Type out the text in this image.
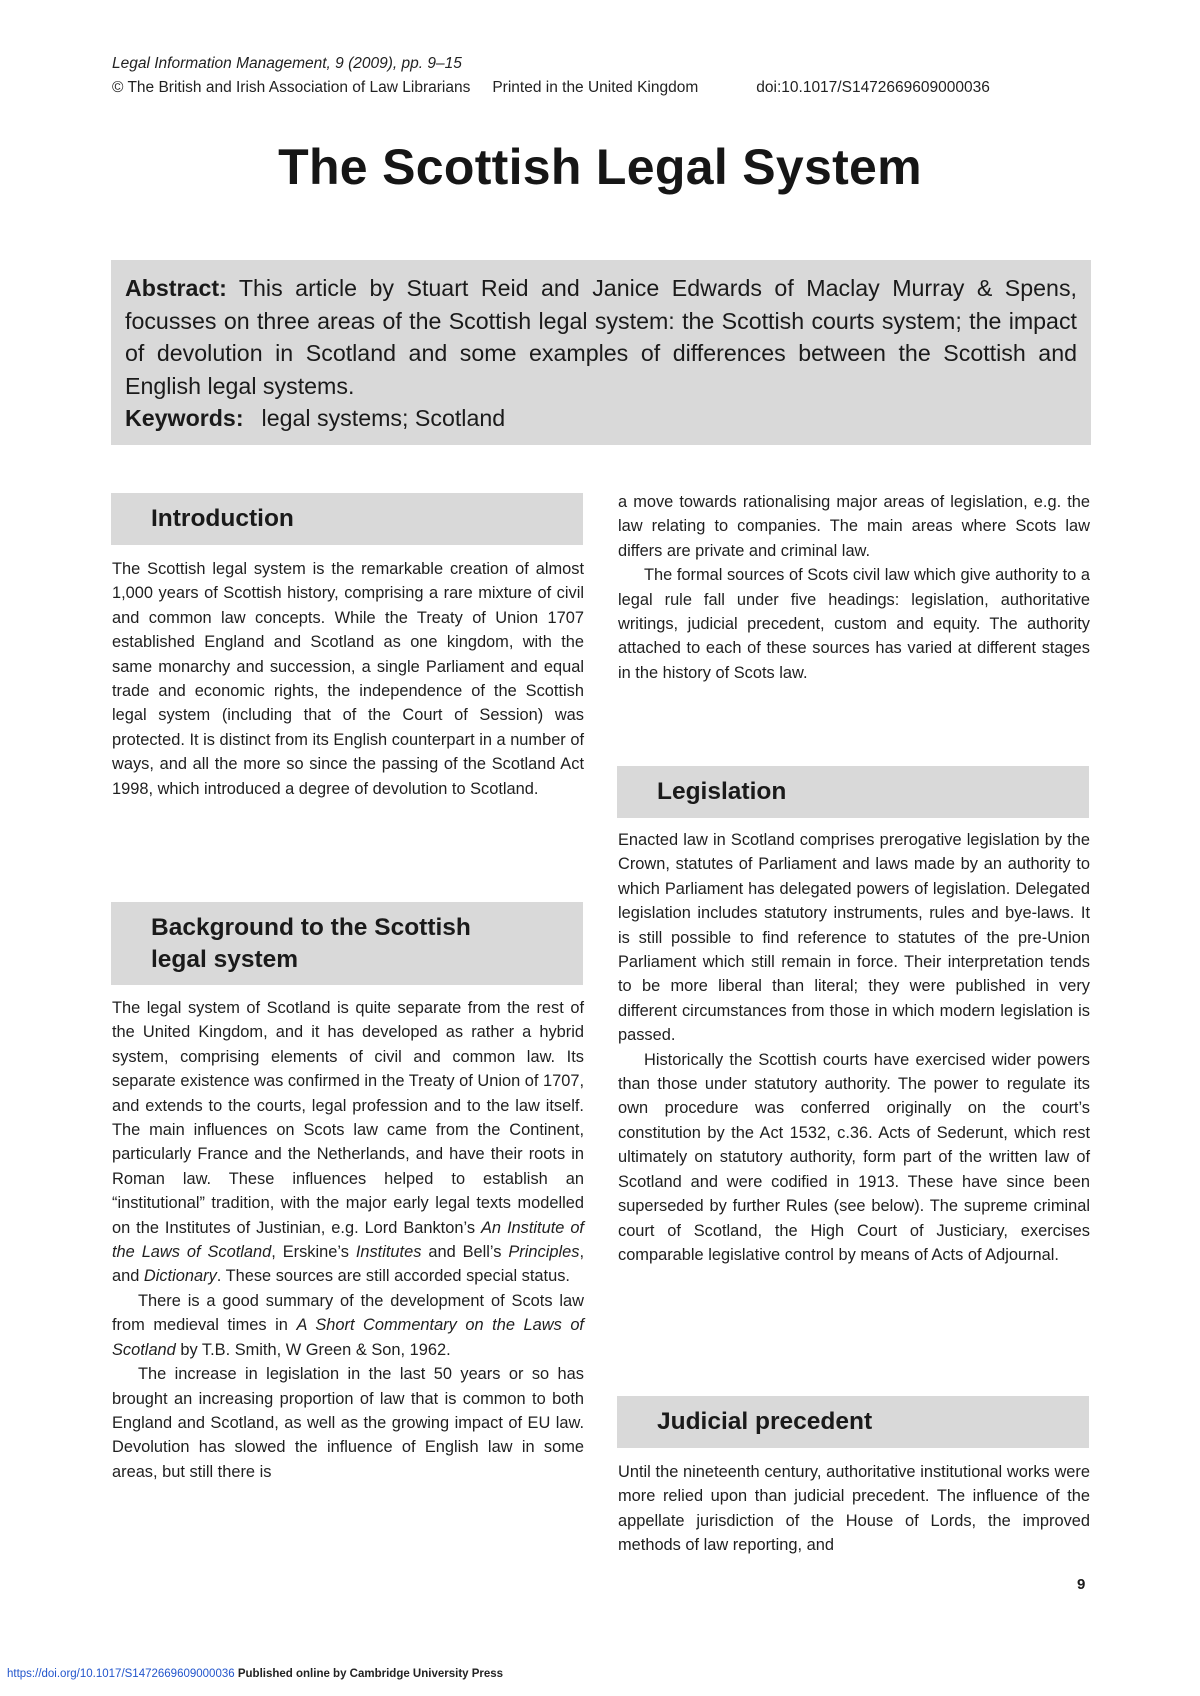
Legal Information Management, 9 (2009), pp. 9–15
© The British and Irish Association of Law Librarians Printed in the United Kingdom	doi:10.1017/S1472669609000036
The Scottish Legal System
Abstract: This article by Stuart Reid and Janice Edwards of Maclay Murray & Spens, focusses on three areas of the Scottish legal system: the Scottish courts system; the impact of devolution in Scotland and some examples of differences between the Scottish and English legal systems.
Keywords: legal systems; Scotland
Introduction

The Scottish legal system is the remarkable creation of almost 1,000 years of Scottish history, comprising a rare mixture of civil and common law concepts. While the Treaty of Union 1707 established England and Scotland as one kingdom, with the same monarchy and succession, a single Parliament and equal trade and economic rights, the independence of the Scottish legal system (including that of the Court of Session) was protected. It is distinct from its English counterpart in a number of ways, and all the more so since the passing of the Scotland Act 1998, which introduced a degree of devolution to Scotland.

Background to the Scottish
legal system

The legal system of Scotland is quite separate from the rest of the United Kingdom, and it has developed as rather a hybrid system, comprising elements of civil and common law. Its separate existence was confirmed in the Treaty of Union of 1707, and extends to the courts, legal profession and to the law itself. The main influences on Scots law came from the Continent, particularly France and the Netherlands, and have their roots in Roman law. These influences helped to establish an “institutional” tradition, with the major early legal texts modelled on the Institutes of Justinian, e.g. Lord Bankton’s An Institute of the Laws of Scotland, Erskine’s Institutes and Bell’s Principles, and Dictionary. These sources are still accorded special status.

There is a good summary of the development of Scots law from medieval times in A Short Commentary on the Laws of Scotland by T.B. Smith, W Green & Son, 1962.

The increase in legislation in the last 50 years or so has brought an increasing proportion of law that is common to both England and Scotland, as well as the growing impact of EU law. Devolution has slowed the influence of English law in some areas, but still there is

a move towards rationalising major areas of legislation, e.g. the law relating to companies. The main areas where Scots law differs are private and criminal law.

The formal sources of Scots civil law which give authority to a legal rule fall under five headings: legislation, authoritative writings, judicial precedent, custom and equity. The authority attached to each of these sources has varied at different stages in the history of Scots law.

Legislation

Enacted law in Scotland comprises prerogative legislation by the Crown, statutes of Parliament and laws made by an authority to which Parliament has delegated powers of legislation. Delegated legislation includes statutory instruments, rules and bye-laws. It is still possible to find reference to statutes of the pre-Union Parliament which still remain in force. Their interpretation tends to be more liberal than literal; they were published in very different circumstances from those in which modern legislation is passed.

Historically the Scottish courts have exercised wider powers than those under statutory authority. The power to regulate its own procedure was conferred originally on the court’s constitution by the Act 1532, c.36. Acts of Sederunt, which rest ultimately on statutory authority, form part of the written law of Scotland and were codified in 1913. These have since been superseded by further Rules (see below). The supreme criminal court of Scotland, the High Court of Justiciary, exercises comparable legislative control by means of Acts of Adjournal.

Judicial precedent

Until the nineteenth century, authoritative institutional works were more relied upon than judicial precedent. The influence of the appellate jurisdiction of the House of Lords, the improved methods of law reporting, and

9
https://doi.org/10.1017/S1472669609000036 Published online by Cambridge University Press
